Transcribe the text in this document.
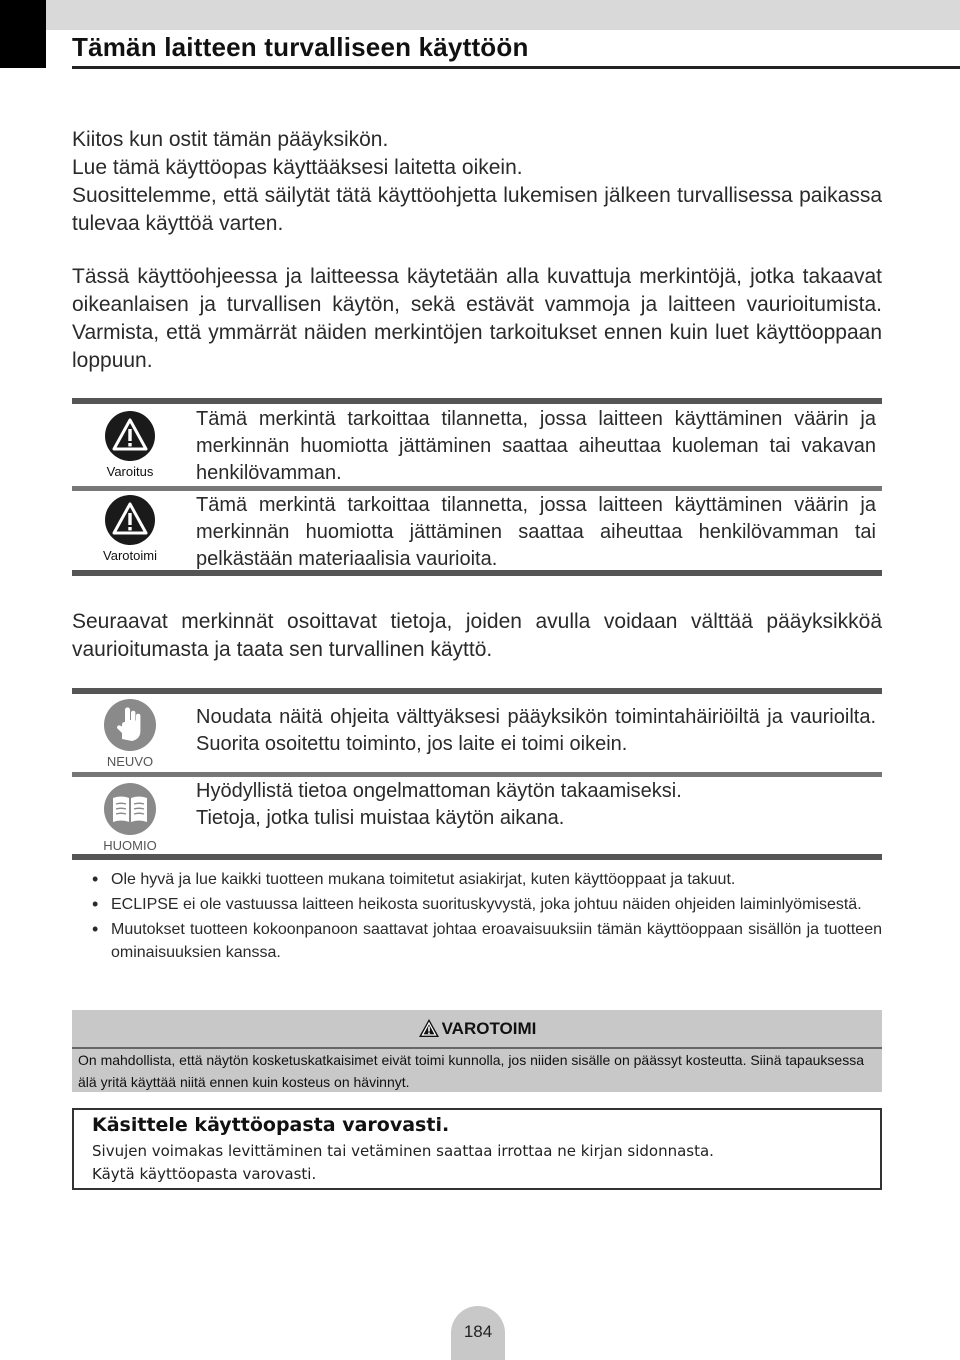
Tämän laitteen turvalliseen käyttöön

Kiitos kun ostit tämän pääyksikön.

Lue tämä käyttöopas käyttääksesi laitetta oikein.

Suosittelemme, että säilytät tätä käyttöohjetta lukemisen jälkeen turvallisessa paikassa tulevaa käyttöä varten.

Tässä käyttöohjeessa ja laitteessa käytetään alla kuvattuja merkintöjä, jotka takaavat oikeanlaisen ja turvallisen käytön, sekä estävät vammoja ja laitteen vaurioitumista. Varmista, että ymmärrät näiden merkintöjen tarkoitukset ennen kuin luet käyttöoppaan loppuun.

Varoitus

Tämä merkintä tarkoittaa tilannetta, jossa laitteen käyttäminen väärin ja merkinnän huomiotta jättäminen saattaa aiheuttaa kuoleman tai vakavan henkilövamman.

Varotoimi

Tämä merkintä tarkoittaa tilannetta, jossa laitteen käyttäminen väärin ja merkinnän huomiotta jättäminen saattaa aiheuttaa henkilövamman tai pelkästään materiaalisia vaurioita.

Seuraavat merkinnät osoittavat tietoja, joiden avulla voidaan välttää pääyksikköä vaurioitumasta ja taata sen turvallinen käyttö.

NEUVO

Noudata näitä ohjeita välttyäksesi pääyksikön toimintahäiriöiltä ja vaurioilta. Suorita osoitettu toiminto, jos laite ei toimi oikein.

HUOMIO

Hyödyllistä tietoa ongelmattoman käytön takaamiseksi.

Tietoja, jotka tulisi muistaa käytön aikana.

• Ole hyvä ja lue kaikki tuotteen mukana toimitetut asiakirjat, kuten käyttöoppaat ja takuut.
• ECLIPSE ei ole vastuussa laitteen heikosta suorituskyvystä, joka johtuu näiden ohjeiden laiminlyömisestä.
• Muutokset tuotteen kokoonpanoon saattavat johtaa eroavaisuuksiin tämän käyttöoppaan sisällön ja tuotteen ominaisuuksien kanssa.
VAROTOIMI

On mahdollista, että näytön kosketuskatkaisimet eivät toimi kunnolla, jos niiden sisälle on päässyt kosteutta. Siinä tapauksessa älä yritä käyttää niitä ennen kuin kosteus on hävinnyt.

Käsittele käyttöopasta varovasti.

Sivujen voimakas levittäminen tai vetäminen saattaa irrottaa ne kirjan sidonnasta.

Käytä käyttöopasta varovasti.

184
